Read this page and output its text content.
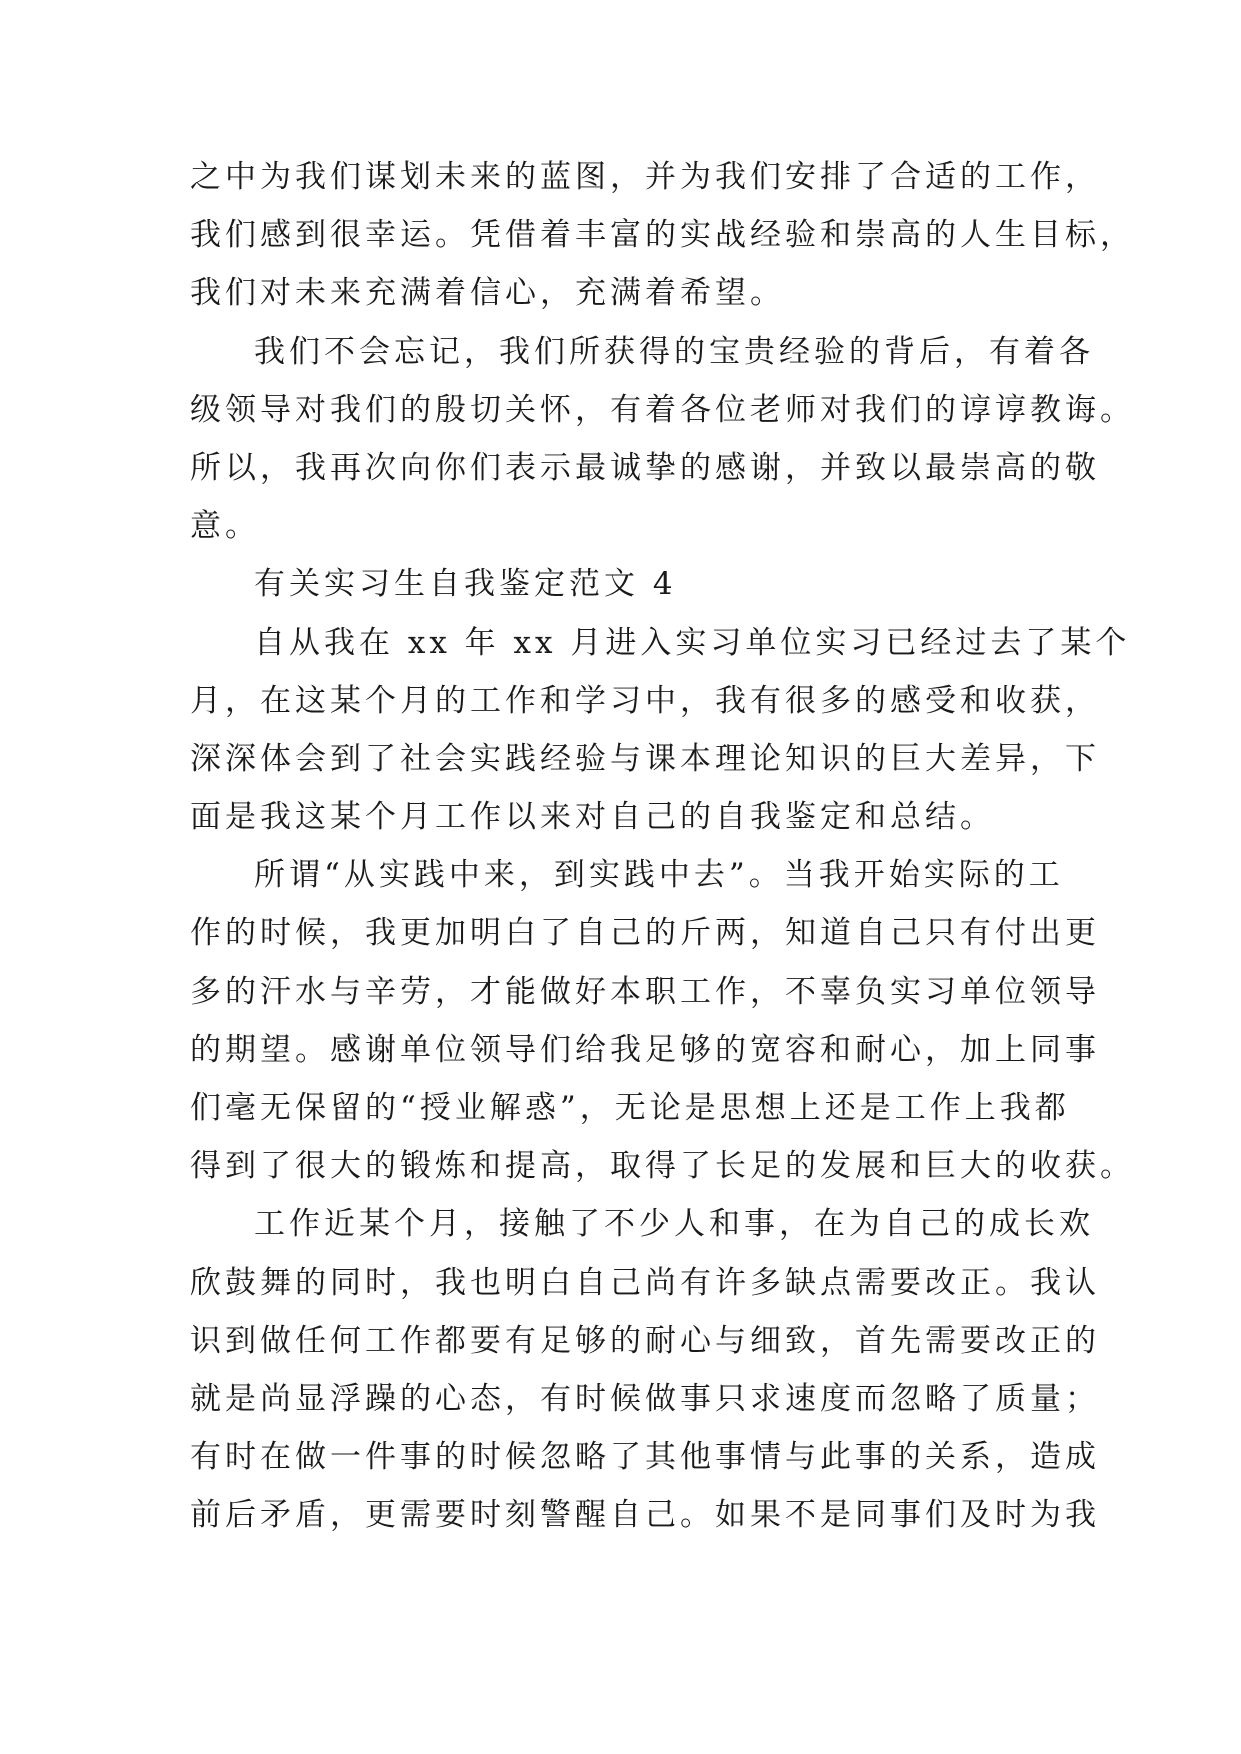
之中为我们谋划未来的蓝图，并为我们安排了合适的工作，
我们感到很幸运。凭借着丰富的实战经验和崇高的人生目标，
我们对未来充满着信心，充满着希望。
我们不会忘记，我们所获得的宝贵经验的背后，有着各
级领导对我们的殷切关怀，有着各位老师对我们的谆谆教诲。
所以，我再次向你们表示最诚挚的感谢，并致以最崇高的敬
意。
有关实习生自我鉴定范文 4
自从我在 xx 年 xx 月进入实习单位实习已经过去了某个
月，在这某个月的工作和学习中，我有很多的感受和收获，
深深体会到了社会实践经验与课本理论知识的巨大差异，下
面是我这某个月工作以来对自己的自我鉴定和总结。
所谓“从实践中来，到实践中去”。当我开始实际的工
作的时候，我更加明白了自己的斤两，知道自己只有付出更
多的汗水与辛劳，才能做好本职工作，不辜负实习单位领导
的期望。感谢单位领导们给我足够的宽容和耐心，加上同事
们毫无保留的“授业解惑”，无论是思想上还是工作上我都
得到了很大的锻炼和提高，取得了长足的发展和巨大的收获。
工作近某个月，接触了不少人和事，在为自己的成长欢
欣鼓舞的同时，我也明白自己尚有许多缺点需要改正。我认
识到做任何工作都要有足够的耐心与细致，首先需要改正的
就是尚显浮躁的心态，有时候做事只求速度而忽略了质量；
有时在做一件事的时候忽略了其他事情与此事的关系，造成
前后矛盾，更需要时刻警醒自己。如果不是同事们及时为我
